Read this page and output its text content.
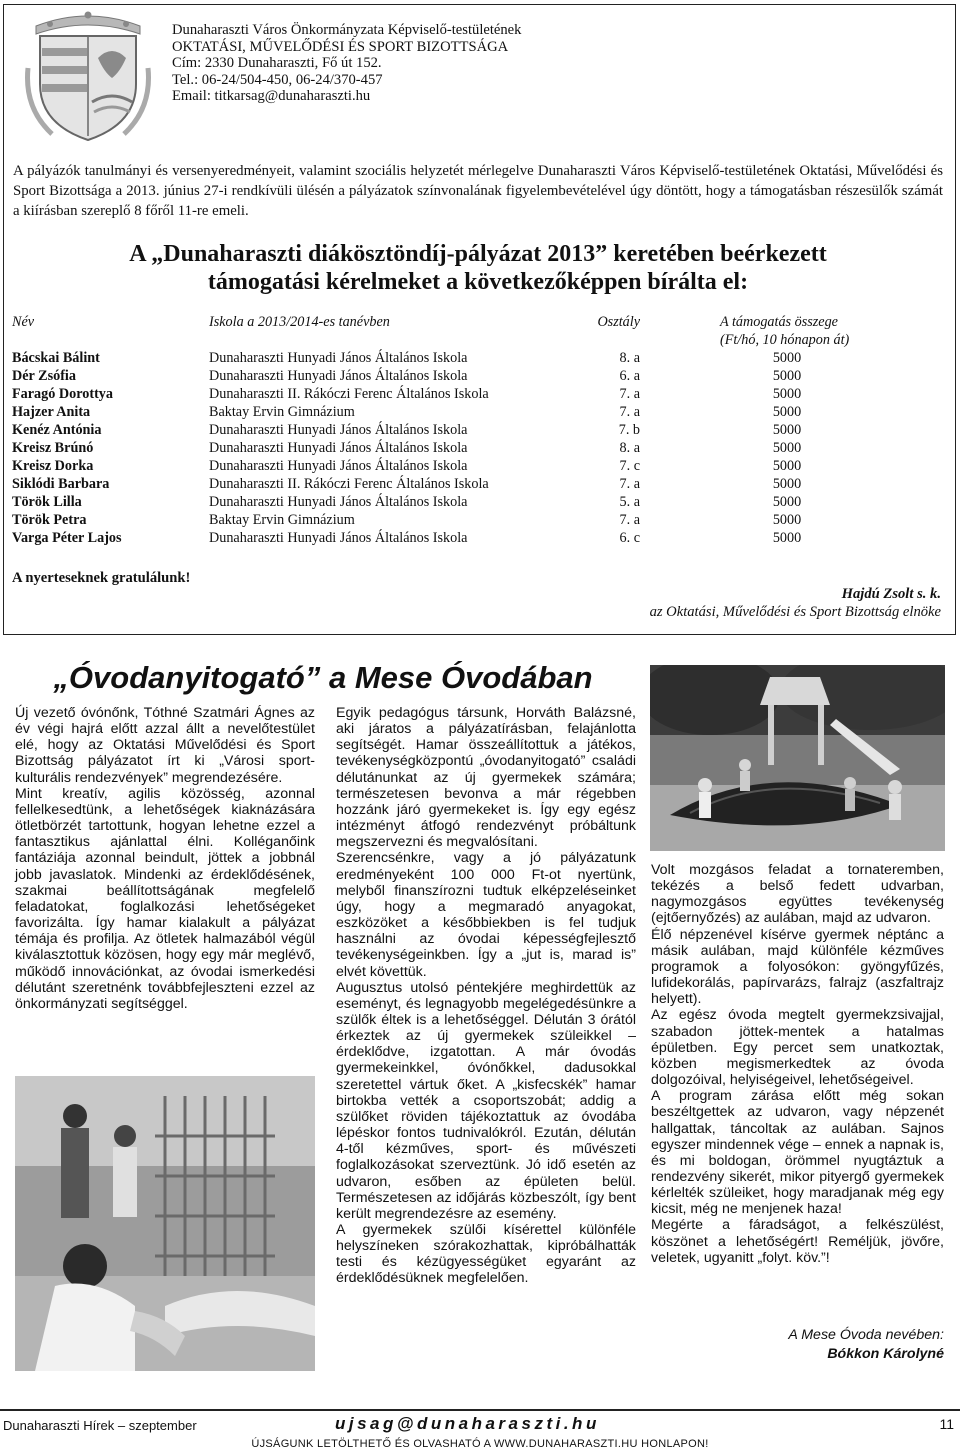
Dunaharaszti Város Önkormányzata Képviselő-testületének
OKTATÁSI, MŰVELŐDÉSI ÉS SPORT BIZOTTSÁGA
Cím: 2330 Dunaharaszti, Fő út 152.
Tel.: 06-24/504-450, 06-24/370-457
Email: titkarsag@dunaharaszti.hu
A pályázók tanulmányi és versenyeredményeit, valamint szociális helyzetét mérlegelve Dunaharaszti Város Képviselő-testületének Oktatási, Művelődési és Sport Bizottsága a 2013. június 27-i rendkívüli ülésén a pályázatok színvonalának figyelembevételével úgy döntött, hogy a támogatásban részesülők számát a kiírásban szereplő 8 főről 11-re emeli.
A „Dunaharaszti diákösztöndíj-pályázat 2013” keretében beérkezett
támogatási kérelmeket a következőképpen bírálta el:
Név	Iskola a 2013/2014-es tanévben	Osztály	A támogatás összege
(Ft/hó, 10 hónapon át)
Bácskai Bálint	Dunaharaszti Hunyadi János Általános Iskola	8. a	5000
Dér Zsófia	Dunaharaszti Hunyadi János Általános Iskola	6. a	5000
Faragó Dorottya	Dunaharaszti II. Rákóczi Ferenc Általános Iskola	7. a	5000
Hajzer Anita	Baktay Ervin Gimnázium	7. a	5000
Kenéz Antónia	Dunaharaszti Hunyadi János Általános Iskola	7. b	5000
Kreisz Brúnó	Dunaharaszti Hunyadi János Általános Iskola	8. a	5000
Kreisz Dorka	Dunaharaszti Hunyadi János Általános Iskola	7. c	5000
Siklódi Barbara	Dunaharaszti II. Rákóczi Ferenc Általános Iskola	7. a	5000
Török Lilla	Dunaharaszti Hunyadi János Általános Iskola	5. a	5000
Török Petra	Baktay Ervin Gimnázium	7. a	5000
Varga Péter Lajos	Dunaharaszti Hunyadi János Általános Iskola	6. c	5000
A nyerteseknek gratulálunk!
Hajdú Zsolt s. k.
az Oktatási, Művelődési és Sport Bizottság elnöke
„Óvodanyitogató” a Mese Óvodában

Új vezető óvónőnk, Tóthné Szatmári Ágnes az év végi hajrá előtt azzal állt a nevelőtestület elé, hogy az Oktatási Művelődési és Sport Bizottság pályázatot írt ki „Városi sport-kulturális rendezvények” megrendezésére.

Mint kreatív, agilis közösség, azonnal fellelkesedtünk, a lehetőségek kiaknázására ötletbörzét tartottunk, hogyan lehetne ezzel a fantasztikus ajánlattal élni. Kolléganőink fantáziája azonnal beindult, jöttek a jobbnál jobb javaslatok. Mindenki az érdeklődésének, szakmai beállítottságának megfelelő feladatokat, foglalkozási lehetőségeket favorizálta. Így hamar kialakult a pályázat témája és profilja. Az ötletek halmazából végül kiválasztottuk közösen, hogy egy már meglévő, működő innovációnkat, az óvodai ismerkedési délutánt szeretnénk továbbfejleszteni ezzel az önkormányzati segítséggel.

Egyik pedagógus társunk, Horváth Balázsné, aki járatos a pályázatírásban, felajánlotta segítségét. Hamar összeállítottuk a játékos, tevékenységközpontú „óvodanyitogató” családi délutánunkat az új gyermekek számára; természetesen bevonva a már régebben hozzánk járó gyermekeket is. Így egy egész intézményt átfogó rendezvényt próbáltunk megszervezni és megvalósítani.

Szerencsénkre, vagy a jó pályázatunk eredményeként 100 000 Ft-ot nyertünk, melyből finanszírozni tudtuk elképzeléseinket úgy, hogy a megmaradó anyagokat, eszközöket a későbbiekben is fel tudjuk használni az óvodai képességfejlesztő tevékenységeinkben. Így a „jut is, marad is” elvét követtük.

Augusztus utolsó péntekjére meghirdettük az eseményt, és legnagyobb megelégedésünkre a szülők éltek is a lehetőséggel. Délután 3 órától érkeztek az új gyermekek szüleikkel – érdeklődve, izgatottan. A már óvodás gyermekeinkkel, óvónőkkel, dadusokkal szeretettel vártuk őket. A „kisfecskék” hamar birtokba vették a csoportszobát; addig a szülőket röviden tájékoztattuk az óvodába lépéskor fontos tudnivalókról. Ezután, délután 4-től kézműves, sport- és művészeti foglalkozásokat szerveztünk. Jó idő esetén az udvaron, esőben az épületen belül. Természetesen az időjárás közbeszólt, így bent került megrendezésre az esemény.

A gyermekek szülői kísérettel különféle helyszíneken szórakozhattak, kipróbálhatták testi és kézügyességüket egyaránt az érdeklődésüknek megfelelően.

Volt mozgásos feladat a tornateremben, tekézés a belső fedett udvarban, nagymozgásos együttes tevékenység (ejtőernyőzés) az aulában, majd az udvaron.

Élő népzenével kísérve gyermek néptánc a másik aulában, majd különféle kézműves programok a folyosókon: gyöngyfűzés, lufidekorálás, papírvarázs, falrajz (aszfaltrajz helyett).

Az egész óvoda megtelt gyermekzsivajjal, szabadon jöttek-mentek a hatalmas épületben. Egy percet sem unatkoztak, közben megismerkedtek az óvoda dolgozóival, helyiségeivel, lehetőségeivel.

A program zárása előtt még sokan beszéltgettek az udvaron, vagy népzenét hallgattak, táncoltak az aulában. Sajnos egyszer mindennek vége – ennek a napnak is, és mi boldogan, örömmel nyugtáztuk a rendezvény sikerét, mikor pityergő gyermekek kérlelték szüleiket, hogy maradjanak még egy kicsit, még ne menjenek haza!

Megérte a fáradságot, a felkészülést, köszönet a lehetőségért! Reméljük, jövőre, veletek, ugyanitt „folyt. köv.”!

A Mese Óvoda nevében:
Bókkon Károlyné
Dunaharaszti Hírek – szeptember	ujsag@dunaharaszti.hu	11
ÚJSÁGUNK LETÖLTHETŐ ÉS OLVASHATÓ A WWW.DUNAHARASZTI.HU HONLAPON!
